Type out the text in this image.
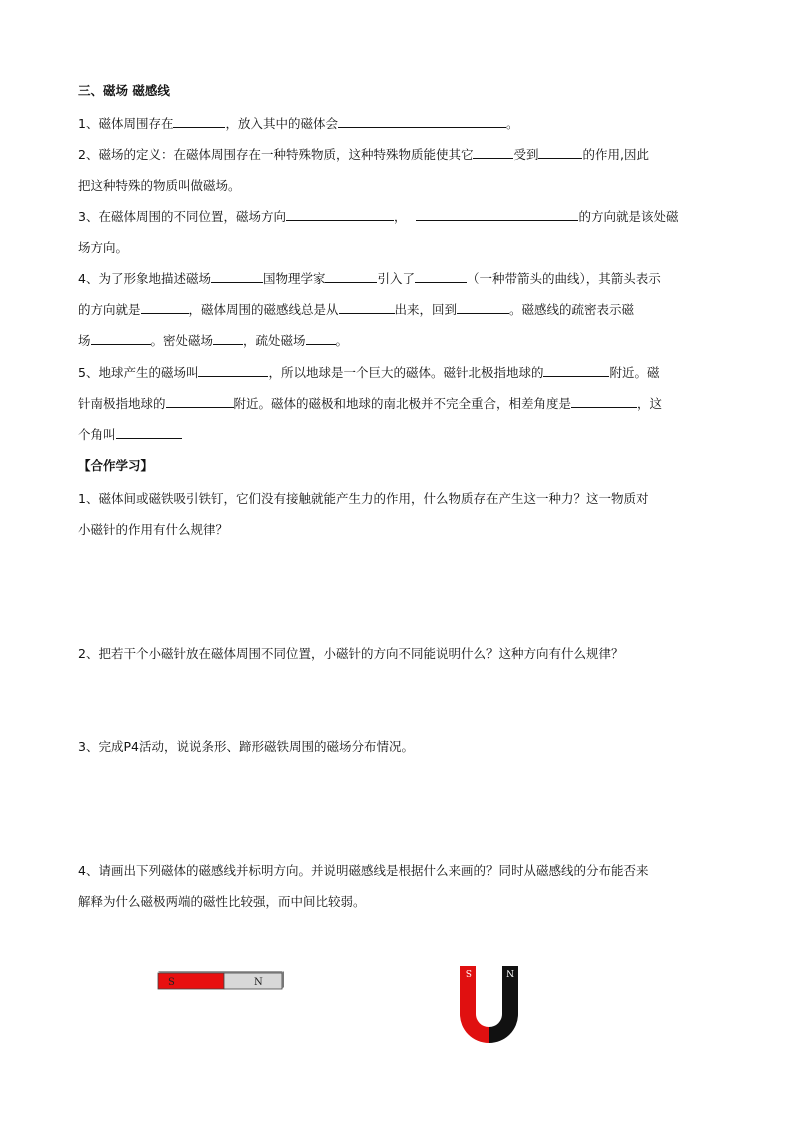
三、磁场 磁感线
1、磁体周围存在	，放入其中的磁体会	。
2、磁场的定义：在磁体周围存在一种特殊物质，这种特殊物质能使其它	受到	的作用,因此
把这种特殊的物质叫做磁场。
3、在磁体周围的不同位置，磁场方向	，	的方向就是该处磁
场方向。
4、为了形象地描述磁场	国物理学家	引入了	（一种带箭头的曲线），其箭头表示
的方向就是	，磁体周围的磁感线总是从	出来，回到	。磁感线的疏密表示磁
场	。密处磁场 ，疏处磁场 。
5、地球产生的磁场叫	，所以地球是一个巨大的磁体。磁针北极指地球的	附近。磁
针南极指地球的	附近。磁体的磁极和地球的南北极并不完全重合，相差角度是	，这
个角叫
【合作学习】
1、磁体间或磁铁吸引铁钉，它们没有接触就能产生力的作用，什么物质存在产生这一种力？这一物质对
小磁针的作用有什么规律？
2、把若干个小磁针放在磁体周围不同位置，小磁针的方向不同能说明什么？这种方向有什么规律？
3、完成P4活动，说说条形、蹄形磁铁周围的磁场分布情况。
4、请画出下列磁体的磁感线并标明方向。并说明磁感线是根据什么来画的？同时从磁感线的分布能否来
解释为什么磁极两端的磁性比较强，而中间比较弱。
S	N
S	N
